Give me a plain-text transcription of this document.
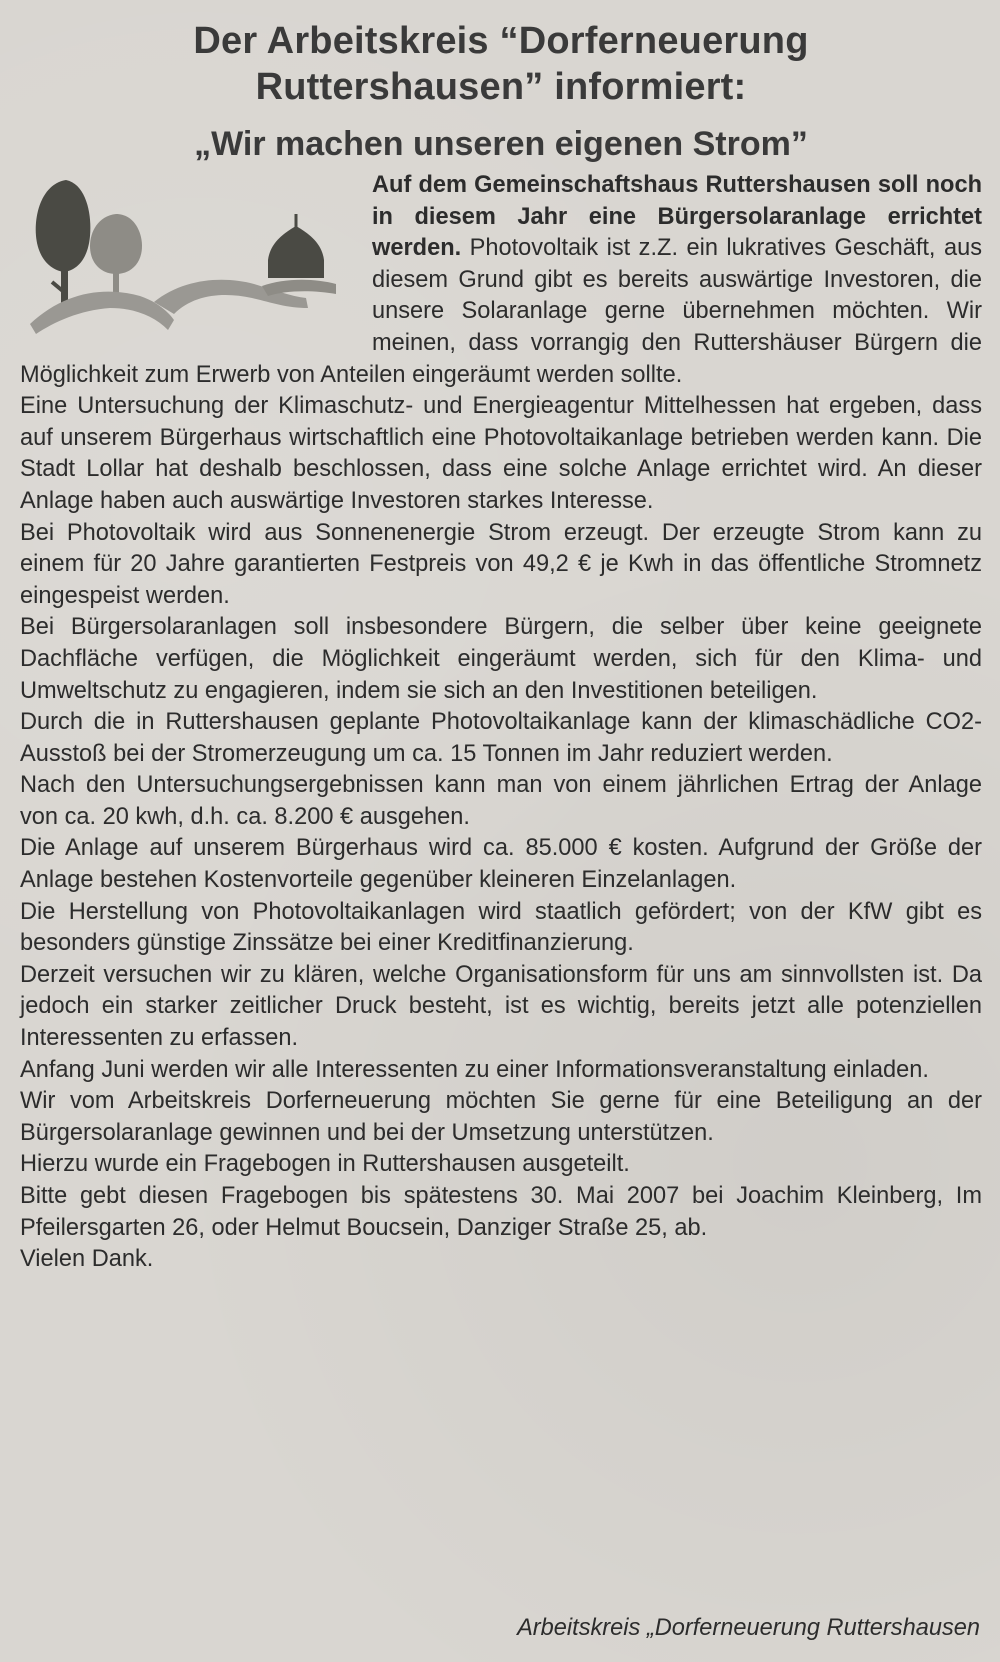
Der Arbeitskreis “Dorferneuerung
Ruttershausen” informiert:
„Wir machen unseren eigenen Strom”

Auf dem Gemeinschaftshaus Ruttershausen soll noch in diesem Jahr eine Bürgersolaranlage errichtet werden. Photovoltaik ist z.Z. ein lukratives Geschäft, aus diesem Grund gibt es bereits auswärtige Investoren, die unsere Solaranlage gerne übernehmen möchten. Wir meinen, dass vorrangig den Ruttershäuser Bürgern die Möglichkeit zum Erwerb von Anteilen eingeräumt werden sollte.

Eine Untersuchung der Klimaschutz- und Energieagentur Mittelhessen hat ergeben, dass auf unserem Bürgerhaus wirtschaftlich eine Photovoltaikanlage betrieben werden kann. Die Stadt Lollar hat deshalb beschlossen, dass eine solche Anlage errichtet wird. An dieser Anlage haben auch auswärtige Investoren starkes Interesse.

Bei Photovoltaik wird aus Sonnenenergie Strom erzeugt. Der erzeugte Strom kann zu einem für 20 Jahre garantierten Festpreis von 49,2 € je Kwh in das öffentliche Stromnetz eingespeist werden.

Bei Bürgersolaranlagen soll insbesondere Bürgern, die selber über keine geeignete Dachfläche verfügen, die Möglichkeit eingeräumt werden, sich für den Klima- und Umweltschutz zu engagieren, indem sie sich an den Investitionen beteiligen.

Durch die in Ruttershausen geplante Photovoltaikanlage kann der klimaschädliche CO2-Ausstoß bei der Stromerzeugung um ca. 15 Tonnen im Jahr reduziert werden.

Nach den Untersuchungsergebnissen kann man von einem jährlichen Ertrag der Anlage von ca. 20 kwh, d.h. ca. 8.200 € ausgehen.

Die Anlage auf unserem Bürgerhaus wird ca. 85.000 € kosten. Aufgrund der Größe der Anlage bestehen Kostenvorteile gegenüber kleineren Einzelanlagen.

Die Herstellung von Photovoltaikanlagen wird staatlich gefördert; von der KfW gibt es besonders günstige Zinssätze bei einer Kreditfinanzierung.

Derzeit versuchen wir zu klären, welche Organisationsform für uns am sinnvollsten ist. Da jedoch ein starker zeitlicher Druck besteht, ist es wichtig, bereits jetzt alle potenziellen Interessenten zu erfassen.

Anfang Juni werden wir alle Interessenten zu einer Informationsveranstaltung einladen.

Wir vom Arbeitskreis Dorferneuerung möchten Sie gerne für eine Beteiligung an der Bürgersolaranlage gewinnen und bei der Umsetzung unterstützen.

Hierzu wurde ein Fragebogen in Ruttershausen ausgeteilt.

Bitte gebt diesen Fragebogen bis spätestens 30. Mai 2007 bei Joachim Kleinberg, Im Pfeilersgarten 26, oder Helmut Boucsein, Danziger Straße 25, ab.

Vielen Dank.

Arbeitskreis „Dorferneuerung Ruttershausen
